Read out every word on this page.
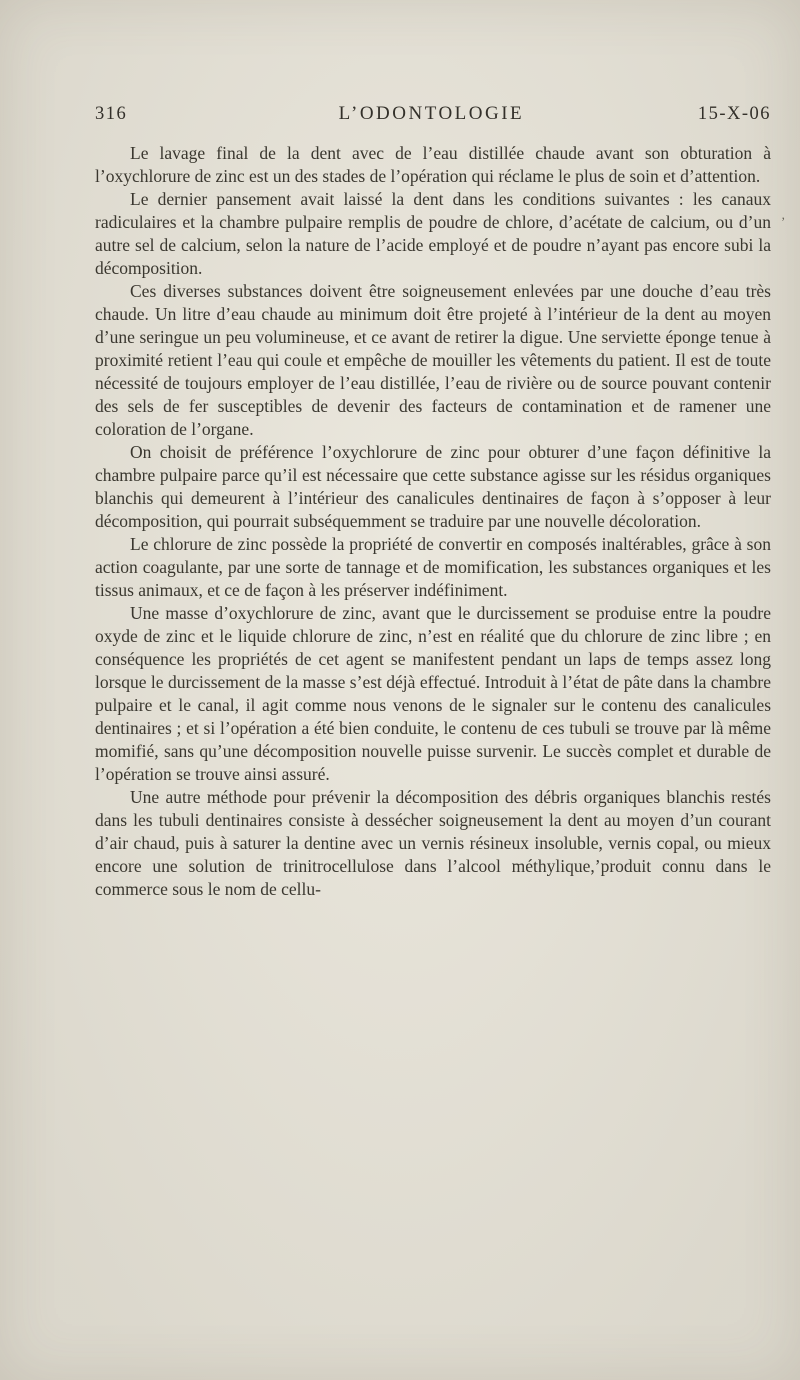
316	L’ODONTOLOGIE	15-X-06

Le lavage final de la dent avec de l’eau distillée chaude avant son obturation à l’oxychlorure de zinc est un des stades de l’opération qui réclame le plus de soin et d’attention.

Le dernier pansement avait laissé la dent dans les conditions suivantes : les canaux radiculaires et la chambre pulpaire remplis de poudre de chlore, d’acétate de calcium, ou d’un autre sel de calcium, selon la nature de l’acide employé et de poudre n’ayant pas encore subi la décomposition.

Ces diverses substances doivent être soigneusement enlevées par une douche d’eau très chaude. Un litre d’eau chaude au minimum doit être projeté à l’intérieur de la dent au moyen d’une seringue un peu volumineuse, et ce avant de retirer la digue. Une serviette éponge tenue à proximité retient l’eau qui coule et empêche de mouiller les vêtements du patient. Il est de toute nécessité de toujours employer de l’eau distillée, l’eau de rivière ou de source pouvant contenir des sels de fer susceptibles de devenir des facteurs de contamination et de ramener une coloration de l’organe.

On choisit de préférence l’oxychlorure de zinc pour obturer d’une façon définitive la chambre pulpaire parce qu’il est nécessaire que cette substance agisse sur les résidus organiques blanchis qui demeurent à l’intérieur des canalicules dentinaires de façon à s’opposer à leur décomposition, qui pourrait subséquemment se traduire par une nouvelle décoloration.

Le chlorure de zinc possède la propriété de convertir en composés inaltérables, grâce à son action coagulante, par une sorte de tannage et de momification, les substances organiques et les tissus animaux, et ce de façon à les préserver indéfiniment.

Une masse d’oxychlorure de zinc, avant que le durcissement se produise entre la poudre oxyde de zinc et le liquide chlorure de zinc, n’est en réalité que du chlorure de zinc libre ; en conséquence les propriétés de cet agent se manifestent pendant un laps de temps assez long lorsque le durcissement de la masse s’est déjà effectué. Introduit à l’état de pâte dans la chambre pulpaire et le canal, il agit comme nous venons de le signaler sur le contenu des canalicules dentinaires ; et si l’opération a été bien conduite, le contenu de ces tubuli se trouve par là même momifié, sans qu’une décomposition nouvelle puisse survenir. Le succès complet et durable de l’opération se trouve ainsi assuré.

Une autre méthode pour prévenir la décomposition des débris organiques blanchis restés dans les tubuli dentinaires consiste à dessécher soigneusement la dent au moyen d’un courant d’air chaud, puis à saturer la dentine avec un vernis résineux insoluble, vernis copal, ou mieux encore une solution de trinitrocellulose dans l’alcool méthylique,’produit connu dans le commerce sous le nom de cellu-

’
